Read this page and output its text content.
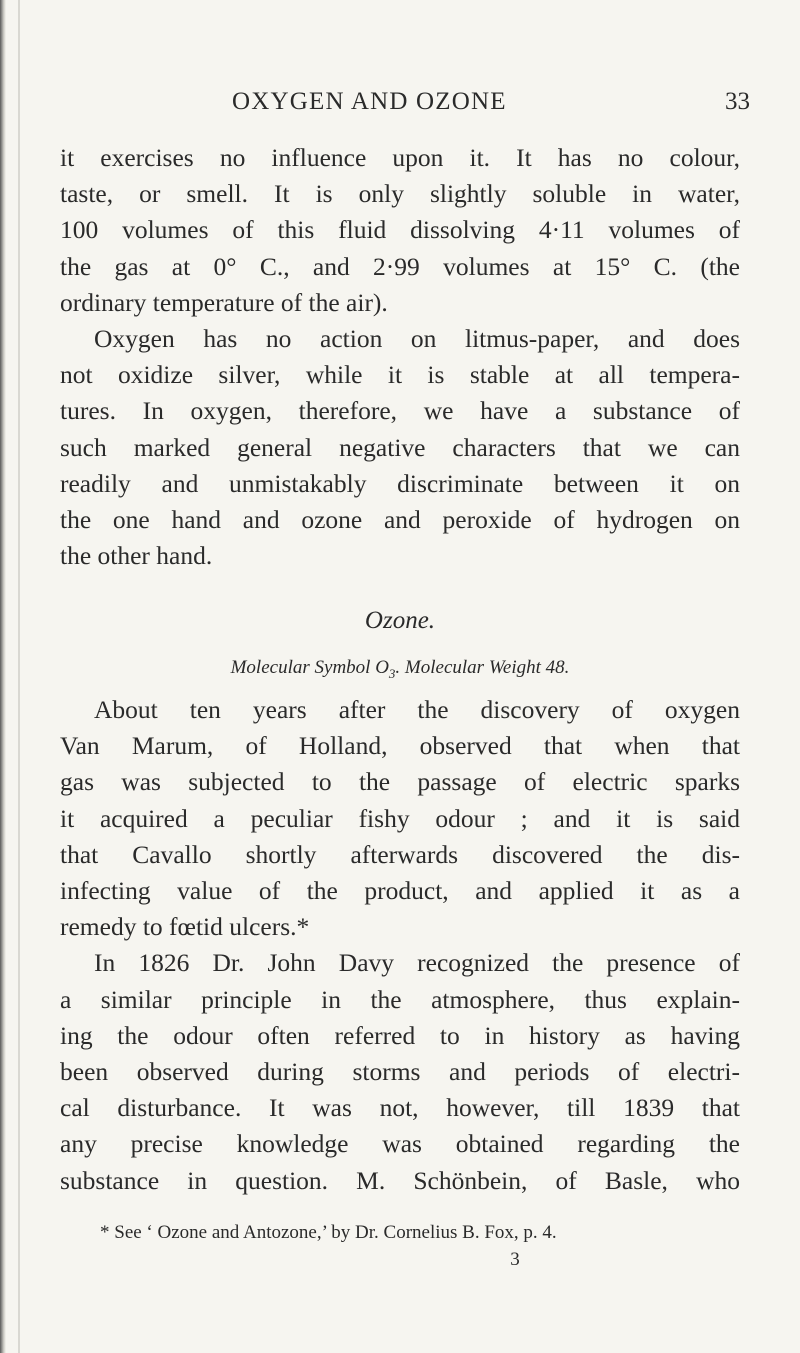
OXYGEN AND OZONE	33
it exercises no influence upon it. It has no colour,
taste, or smell. It is only slightly soluble in water,
100 volumes of this fluid dissolving 4·11 volumes of
the gas at 0° C., and 2·99 volumes at 15° C. (the
ordinary temperature of the air).
Oxygen has no action on litmus-paper, and does
not oxidize silver, while it is stable at all tempera-
tures. In oxygen, therefore, we have a substance of
such marked general negative characters that we can
readily and unmistakably discriminate between it on
the one hand and ozone and peroxide of hydrogen on
the other hand.
Ozone.
Molecular Symbol $O_3$. Molecular Weight 48.
About ten years after the discovery of oxygen
Van Marum, of Holland, observed that when that
gas was subjected to the passage of electric sparks
it acquired a peculiar fishy odour ; and it is said
that Cavallo shortly afterwards discovered the dis-
infecting value of the product, and applied it as a
remedy to fœtid ulcers.*
In 1826 Dr. John Davy recognized the presence of
a similar principle in the atmosphere, thus explain-
ing the odour often referred to in history as having
been observed during storms and periods of electri-
cal disturbance. It was not, however, till 1839 that
any precise knowledge was obtained regarding the
substance in question. M. Schönbein, of Basle, who
* See ‘ Ozone and Antozone,’ by Dr. Cornelius B. Fox, p. 4.
3
